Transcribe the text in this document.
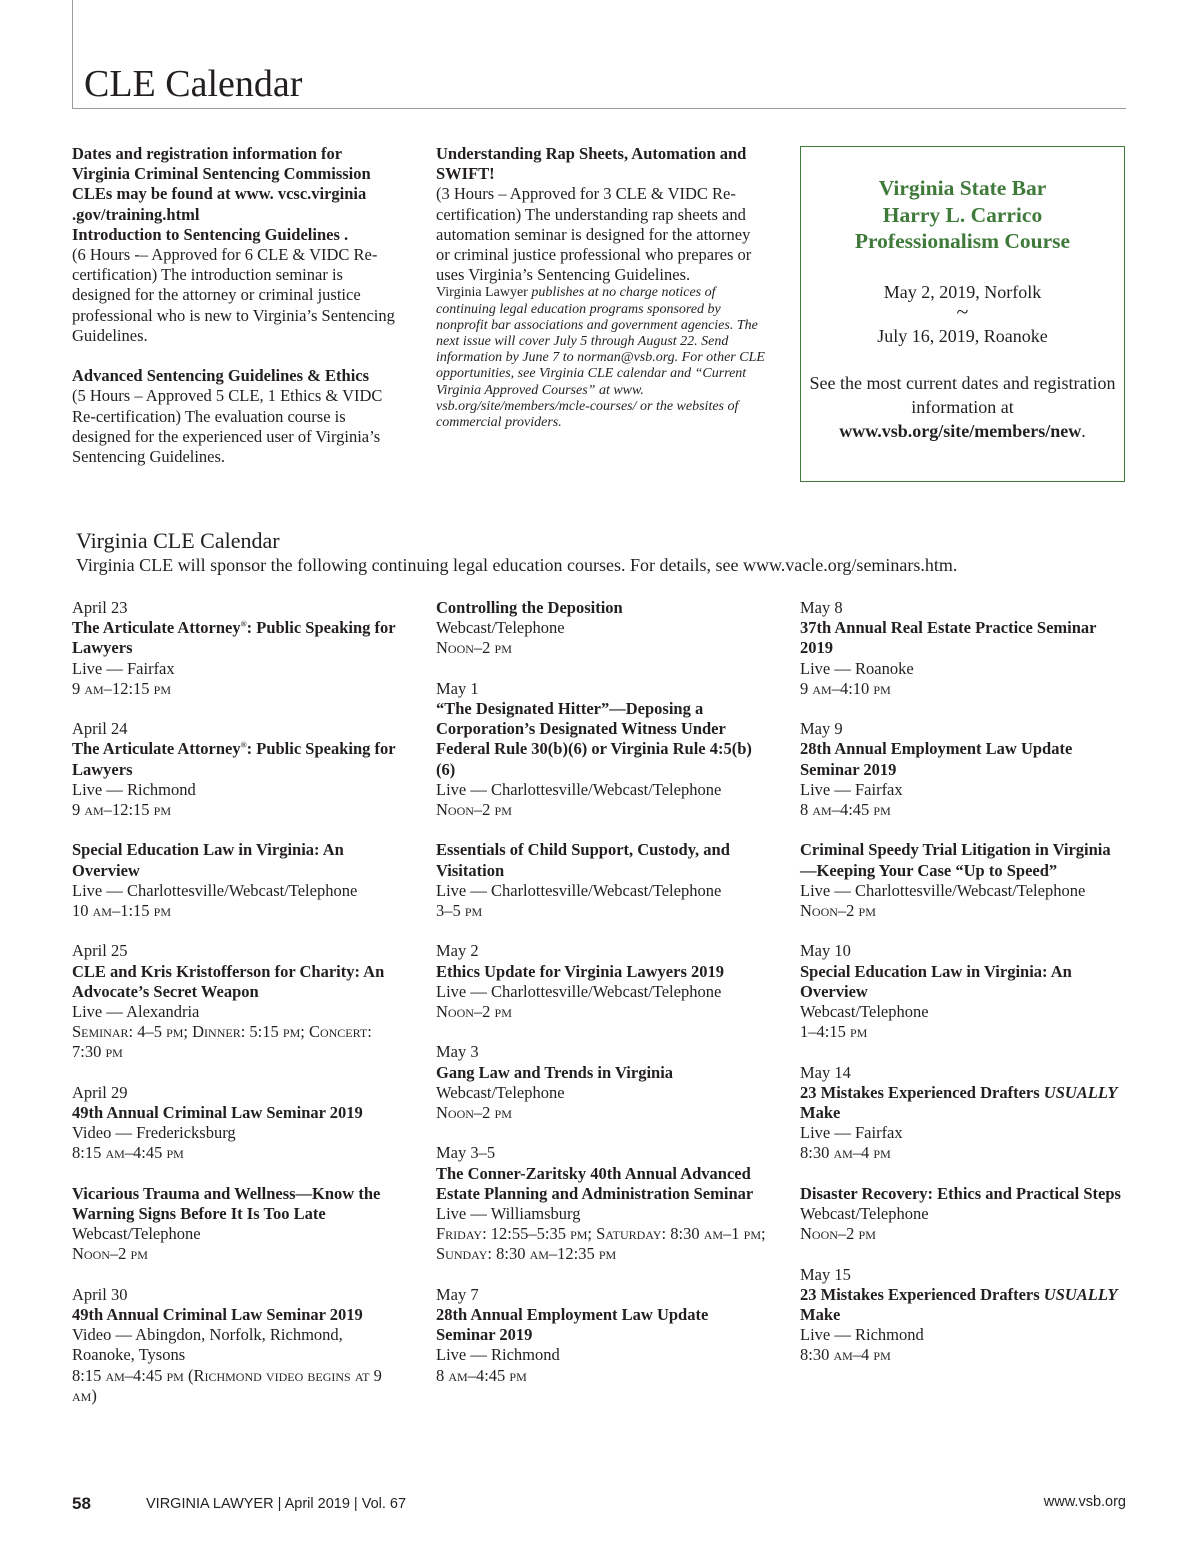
CLE Calendar

Dates and registration information for Virginia Criminal Sentencing Commission CLEs may be found at www. vcsc.virginia .gov/training.html

Introduction to Sentencing Guidelines .

(6 Hours -– Approved for 6 CLE & VIDC Re-certification) The introduction seminar is designed for the attorney or criminal justice professional who is new to Virginia’s Sentencing Guidelines.

Advanced Sentencing Guidelines & Ethics

(5 Hours – Approved 5 CLE, 1 Ethics & VIDC Re-certification) The evaluation course is designed for the experienced user of Virginia’s Sentencing Guidelines.

Understanding Rap Sheets, Automation and SWIFT!

(3 Hours – Approved for 3 CLE & VIDC Re-certification) The understanding rap sheets and automation seminar is designed for the attorney or criminal justice professional who prepares or uses Virginia’s Sentencing Guidelines.

Virginia Lawyer publishes at no charge notices of continuing legal education programs sponsored by nonprofit bar associations and government agencies. The next issue will cover July 5 through August 22. Send information by June 7 to norman@vsb.org. For other CLE opportunities, see Virginia CLE calendar and “Current Virginia Approved Courses” at www. vsb.org/site/members/mcle-courses/ or the websites of commercial providers.

Virginia State Bar
Harry L. Carrico
Professionalism Course

May 2, 2019, Norfolk

~

July 16, 2019, Roanoke

See the most current dates and registration information at www.vsb.org/site/members/new.

Virginia CLE Calendar

Virginia CLE will sponsor the following continuing legal education courses. For details, see www.vacle.org/seminars.htm.

April 23

The Articulate Attorney®: Public Speaking for Lawyers

Live — Fairfax

9 am–12:15 pm

April 24

The Articulate Attorney®: Public Speaking for Lawyers

Live — Richmond

9 am–12:15 pm

Special Education Law in Virginia: An Overview

Live — Charlottesville/Webcast/Telephone

10 am–1:15 pm

April 25

CLE and Kris Kristofferson for Charity: An Advocate’s Secret Weapon

Live — Alexandria

Seminar: 4–5 pm; Dinner: 5:15 pm; Concert: 7:30 pm

April 29

49th Annual Criminal Law Seminar 2019

Video — Fredericksburg

8:15 am–4:45 pm

Vicarious Trauma and Wellness—Know the Warning Signs Before It Is Too Late

Webcast/Telephone

Noon–2 pm

April 30

49th Annual Criminal Law Seminar 2019

Video — Abingdon, Norfolk, Richmond, Roanoke, Tysons

8:15 am–4:45 pm (Richmond video begins at 9 am)

Controlling the Deposition

Webcast/Telephone

Noon–2 pm

May 1

“The Designated Hitter”—Deposing a Corporation’s Designated Witness Under Federal Rule 30(b)(6) or Virginia Rule 4:5(b)(6)

Live — Charlottesville/Webcast/Telephone

Noon–2 pm

Essentials of Child Support, Custody, and Visitation

Live — Charlottesville/Webcast/Telephone

3–5 pm

May 2

Ethics Update for Virginia Lawyers 2019

Live — Charlottesville/Webcast/Telephone

Noon–2 pm

May 3

Gang Law and Trends in Virginia

Webcast/Telephone

Noon–2 pm

May 3–5

The Conner-Zaritsky 40th Annual Advanced Estate Planning and Administration Seminar

Live — Williamsburg

Friday: 12:55–5:35 pm; Saturday: 8:30 am–1 pm; Sunday: 8:30 am–12:35 pm

May 7

28th Annual Employment Law Update Seminar 2019

Live — Richmond

8 am–4:45 pm

May 8

37th Annual Real Estate Practice Seminar 2019

Live — Roanoke

9 am–4:10 pm

May 9

28th Annual Employment Law Update Seminar 2019

Live — Fairfax

8 am–4:45 pm

Criminal Speedy Trial Litigation in Virginia —Keeping Your Case “Up to Speed”

Live — Charlottesville/Webcast/Telephone

Noon–2 pm

May 10

Special Education Law in Virginia: An Overview

Webcast/Telephone

1–4:15 pm

May 14

23 Mistakes Experienced Drafters USUALLY Make

Live — Fairfax

8:30 am–4 pm

Disaster Recovery: Ethics and Practical Steps

Webcast/Telephone

Noon–2 pm

May 15

23 Mistakes Experienced Drafters USUALLY Make

Live — Richmond

8:30 am–4 pm

58	VIRGINIA LAWYER | April 2019 | Vol. 67	www.vsb.org
